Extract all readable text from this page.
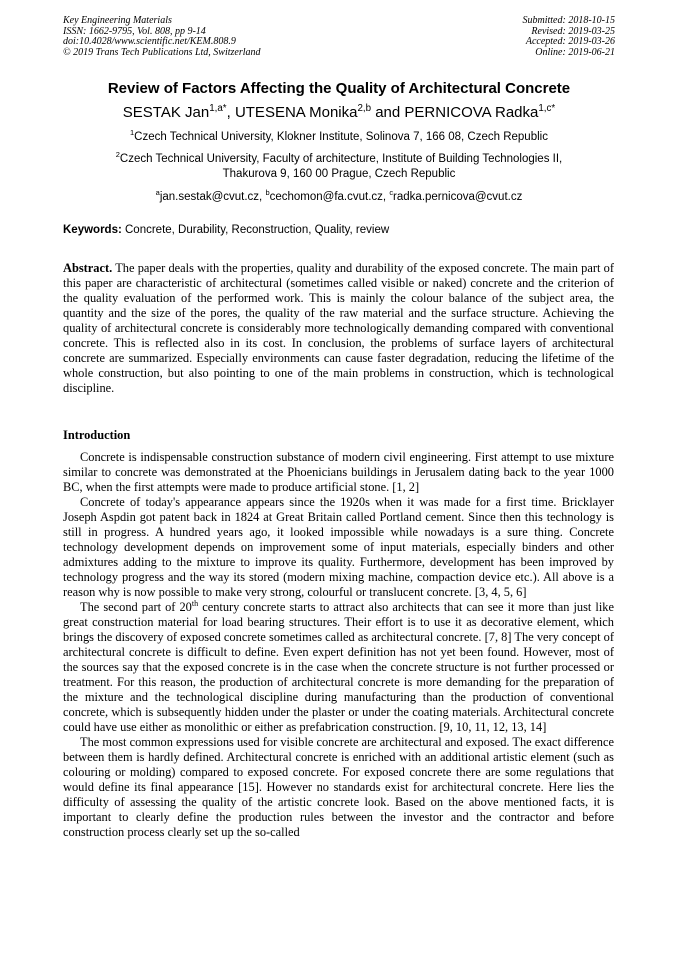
Key Engineering Materials
ISSN: 1662-9795, Vol. 808, pp 9-14
doi:10.4028/www.scientific.net/KEM.808.9
© 2019 Trans Tech Publications Ltd, Switzerland
Submitted: 2018-10-15
Revised: 2019-03-25
Accepted: 2019-03-26
Online: 2019-06-21
Review of Factors Affecting the Quality of Architectural Concrete
SESTAK Jan$^{1,a*}$, UTESENA Monika$^{2,b}$ and PERNICOVA Radka$^{1,c*}$
$^1$Czech Technical University, Klokner Institute, Solinova 7, 166 08, Czech Republic
$^2$Czech Technical University, Faculty of architecture, Institute of Building Technologies II,
Thakurova 9, 160 00 Prague, Czech Republic
$^a$jan.sestak@cvut.cz, $^b$cechomon@fa.cvut.cz, $^c$radka.pernicova@cvut.cz
Keywords: Concrete, Durability, Reconstruction, Quality, review

Abstract. The paper deals with the properties, quality and durability of the exposed concrete. The main part of this paper are characteristic of architectural (sometimes called visible or naked) concrete and the criterion of the quality evaluation of the performed work. This is mainly the colour balance of the subject area, the quantity and the size of the pores, the quality of the raw material and the surface structure. Achieving the quality of architectural concrete is considerably more technologically demanding compared with conventional concrete. This is reflected also in its cost. In conclusion, the problems of surface layers of architectural concrete are summarized. Especially environments can cause faster degradation, reducing the lifetime of the whole construction, but also pointing to one of the main problems in construction, which is technological discipline.

Introduction

Concrete is indispensable construction substance of modern civil engineering. First attempt to use mixture similar to concrete was demonstrated at the Phoenicians buildings in Jerusalem dating back to the year 1000 BC, when the first attempts were made to produce artificial stone. [1, 2]

Concrete of today's appearance appears since the 1920s when it was made for a first time. Bricklayer Joseph Aspdin got patent back in 1824 at Great Britain called Portland cement. Since then this technology is still in progress. A hundred years ago, it looked impossible while nowadays is a sure thing. Concrete technology development depends on improvement some of input materials, especially binders and other admixtures adding to the mixture to improve its quality. Furthermore, development has been improved by technology progress and the way its stored (modern mixing machine, compaction device etc.). All above is a reason why is now possible to make very strong, colourful or translucent concrete. [3, 4, 5, 6]

The second part of 20th century concrete starts to attract also architects that can see it more than just like great construction material for load bearing structures. Their effort is to use it as decorative element, which brings the discovery of exposed concrete sometimes called as architectural concrete. [7, 8] The very concept of architectural concrete is difficult to define. Even expert definition has not yet been found. However, most of the sources say that the exposed concrete is in the case when the concrete structure is not further processed or treatment. For this reason, the production of architectural concrete is more demanding for the preparation of the mixture and the technological discipline during manufacturing than the production of conventional concrete, which is subsequently hidden under the plaster or under the coating materials. Architectural concrete could have use either as monolithic or either as prefabrication construction. [9, 10, 11, 12, 13, 14]

The most common expressions used for visible concrete are architectural and exposed. The exact difference between them is hardly defined. Architectural concrete is enriched with an additional artistic element (such as colouring or molding) compared to exposed concrete. For exposed concrete there are some regulations that would define its final appearance [15]. However no standards exist for architectural concrete. Here lies the difficulty of assessing the quality of the artistic concrete look. Based on the above mentioned facts, it is important to clearly define the production rules between the investor and the contractor and before construction process clearly set up the so-called
